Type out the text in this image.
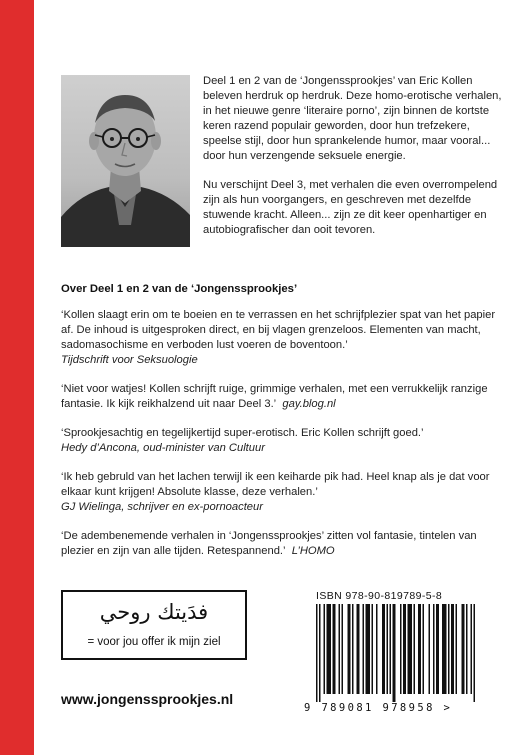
Deel 1 en 2 van de ‘Jongenssprookjes’ van Eric Kollen beleven herdruk op herdruk. Deze homo-erotische verhalen, in het nieuwe genre ‘literaire porno’, zijn binnen de kortste keren razend populair geworden, door hun trefzekere, speelse stijl, door hun sprankelende humor, maar vooral... door hun verzengende seksuele energie.

Nu verschijnt Deel 3, met verhalen die even overrompelend zijn als hun voorgangers, en geschreven met dezelfde stuwende kracht. Alleen... zijn ze dit keer openhartiger en autobiografischer dan ooit tevoren.

Over Deel 1 en 2 van de ‘Jongenssprookjes’
‘Kollen slaagt erin om te boeien en te verrassen en het schrijfplezier spat van het papier af. De inhoud is uitgesproken direct, en bij vlagen grenzeloos. Elementen van macht, sadomasochisme en verboden lust voeren de boventoon.’
Tijdschrift voor Seksuologie
‘Niet voor watjes! Kollen schrijft ruige, grimmige verhalen, met een verrukkelijk ranzige fantasie. Ik kijk reikhalzend uit naar Deel 3.’ gay.blog.nl
‘Sprookjesachtig en tegelijkertijd super-erotisch. Eric Kollen schrijft goed.’
Hedy d’Ancona, oud-minister van Cultuur
‘Ik heb gebruld van het lachen terwijl ik een keiharde pik had. Heel knap als je dat voor elkaar kunt krijgen! Absolute klasse, deze verhalen.’
GJ Wielinga, schrijver en ex-pornoacteur
‘De adembenemende verhalen in ‘Jongenssprookjes’ zitten vol fantasie, tintelen van plezier en zijn van alle tijden. Retespannend.’ L’HOMO
فدَيتك روحي
= voor jou offer ik mijn ziel
www.jongenssprookjes.nl
ISBN 978-90-819789-5-8
9 789081 978958 >
